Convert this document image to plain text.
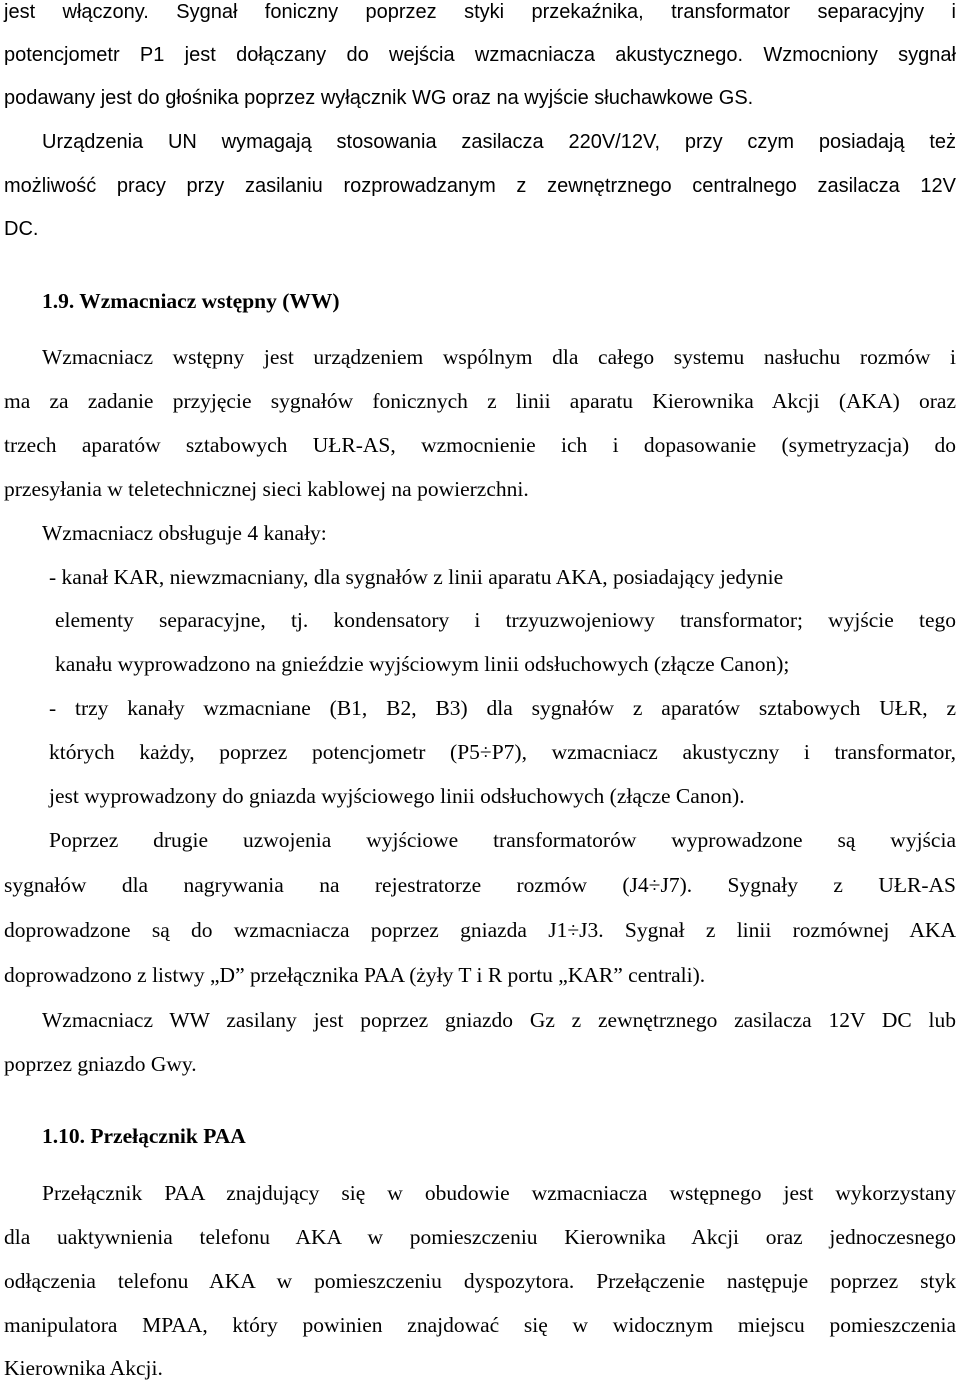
jest włączony. Sygnał foniczny poprzez styki przekaźnika, transformator separacyjny i
potencjometr P1 jest dołączany do wejścia wzmacniacza akustycznego. Wzmocniony sygnał
podawany jest do głośnika poprzez wyłącznik WG oraz na wyjście słuchawkowe GS.
Urządzenia UN wymagają stosowania zasilacza 220V/12V, przy czym posiadają też
możliwość pracy przy zasilaniu rozprowadzanym z zewnętrznego centralnego zasilacza 12V
DC.
1.9. Wzmacniacz wstępny (WW)
Wzmacniacz wstępny jest urządzeniem wspólnym dla całego systemu nasłuchu rozmów i
ma za zadanie przyjęcie sygnałów fonicznych z linii aparatu Kierownika Akcji (AKA) oraz
trzech aparatów sztabowych UŁR-AS, wzmocnienie ich i dopasowanie (symetryzacja) do
przesyłania w teletechnicznej sieci kablowej na powierzchni.
Wzmacniacz obsługuje 4 kanały:
- kanał KAR, niewzmacniany, dla sygnałów z linii aparatu AKA, posiadający jedynie
elementy separacyjne, tj. kondensatory i trzyuzwojeniowy transformator; wyjście tego
kanału wyprowadzono na gnieździe wyjściowym linii odsłuchowych (złącze Canon);
- trzy kanały wzmacniane (B1, B2, B3) dla sygnałów z aparatów sztabowych UŁR, z
których każdy, poprzez potencjometr (P5÷P7), wzmacniacz akustyczny i transformator,
jest wyprowadzony do gniazda wyjściowego linii odsłuchowych (złącze Canon).
Poprzez drugie uzwojenia wyjściowe transformatorów wyprowadzone są wyjścia
sygnałów dla nagrywania na rejestratorze rozmów (J4÷J7). Sygnały z UŁR-AS
doprowadzone są do wzmacniacza poprzez gniazda J1÷J3. Sygnał z linii rozmównej AKA
doprowadzono z listwy „D” przełącznika PAA (żyły T i R portu „KAR” centrali).
Wzmacniacz WW zasilany jest poprzez gniazdo Gz z zewnętrznego zasilacza 12V DC lub
poprzez gniazdo Gwy.
1.10. Przełącznik PAA
Przełącznik PAA znajdujący się w obudowie wzmacniacza wstępnego jest wykorzystany
dla uaktywnienia telefonu AKA w pomieszczeniu Kierownika Akcji oraz jednoczesnego
odłączenia telefonu AKA w pomieszczeniu dyspozytora. Przełączenie następuje poprzez styk
manipulatora MPAA, który powinien znajdować się w widocznym miejscu pomieszczenia
Kierownika Akcji.
